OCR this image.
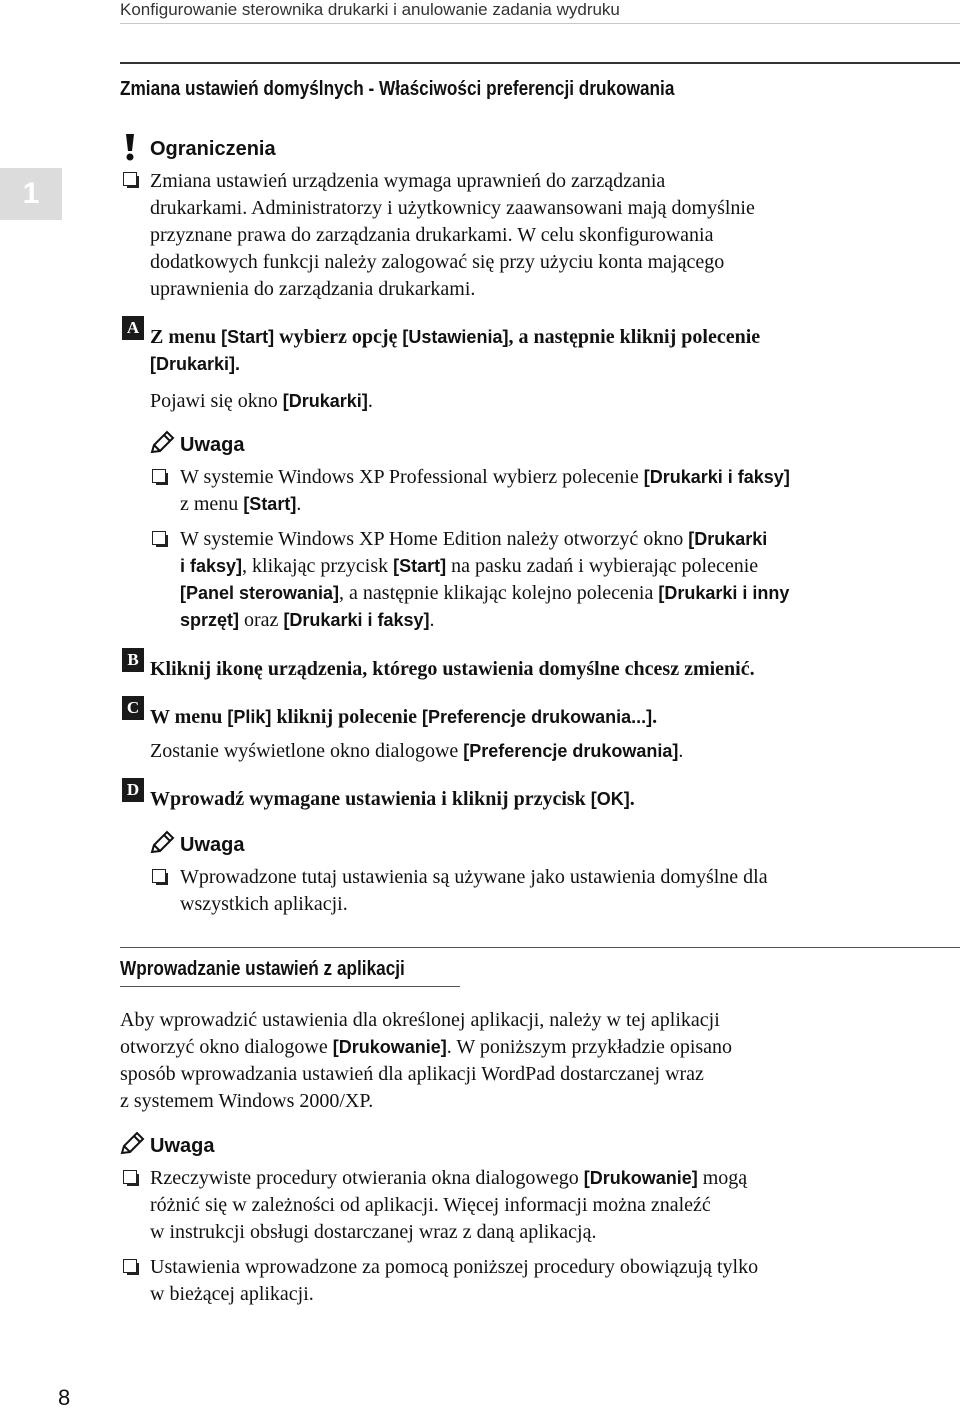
Konfigurowanie sterownika drukarki i anulowanie zadania wydruku
1
Zmiana ustawień domyślnych - Właściwości preferencji drukowania
Ograniczenia
Zmiana ustawień urządzenia wymaga uprawnień do zarządzania
drukarkami. Administratorzy i użytkownicy zaawansowani mają domyślnie
przyznane prawa do zarządzania drukarkami. W celu skonfigurowania
dodatkowych funkcji należy zalogować się przy użyciu konta mającego
uprawnienia do zarządzania drukarkami.
A Z menu [Start] wybierz opcję [Ustawienia], a następnie kliknij polecenie
[Drukarki].
Pojawi się okno [Drukarki].
Uwaga
W systemie Windows XP Professional wybierz polecenie [Drukarki i faksy]
z menu [Start].
W systemie Windows XP Home Edition należy otworzyć okno [Drukarki
i faksy], klikając przycisk [Start] na pasku zadań i wybierając polecenie
[Panel sterowania], a następnie klikając kolejno polecenia [Drukarki i inny
sprzęt] oraz [Drukarki i faksy].
B Kliknij ikonę urządzenia, którego ustawienia domyślne chcesz zmienić.
C W menu [Plik] kliknij polecenie [Preferencje drukowania...].
Zostanie wyświetlone okno dialogowe [Preferencje drukowania].
D Wprowadź wymagane ustawienia i kliknij przycisk [OK].
Uwaga
Wprowadzone tutaj ustawienia są używane jako ustawienia domyślne dla
wszystkich aplikacji.
Wprowadzanie ustawień z aplikacji
Aby wprowadzić ustawienia dla określonej aplikacji, należy w tej aplikacji
otworzyć okno dialogowe [Drukowanie]. W poniższym przykładzie opisano
sposób wprowadzania ustawień dla aplikacji WordPad dostarczanej wraz
z systemem Windows 2000/XP.
Uwaga
Rzeczywiste procedury otwierania okna dialogowego [Drukowanie] mogą
różnić się w zależności od aplikacji. Więcej informacji można znaleźć
w instrukcji obsługi dostarczanej wraz z daną aplikacją.
Ustawienia wprowadzone za pomocą poniższej procedury obowiązują tylko
w bieżącej aplikacji.
8
